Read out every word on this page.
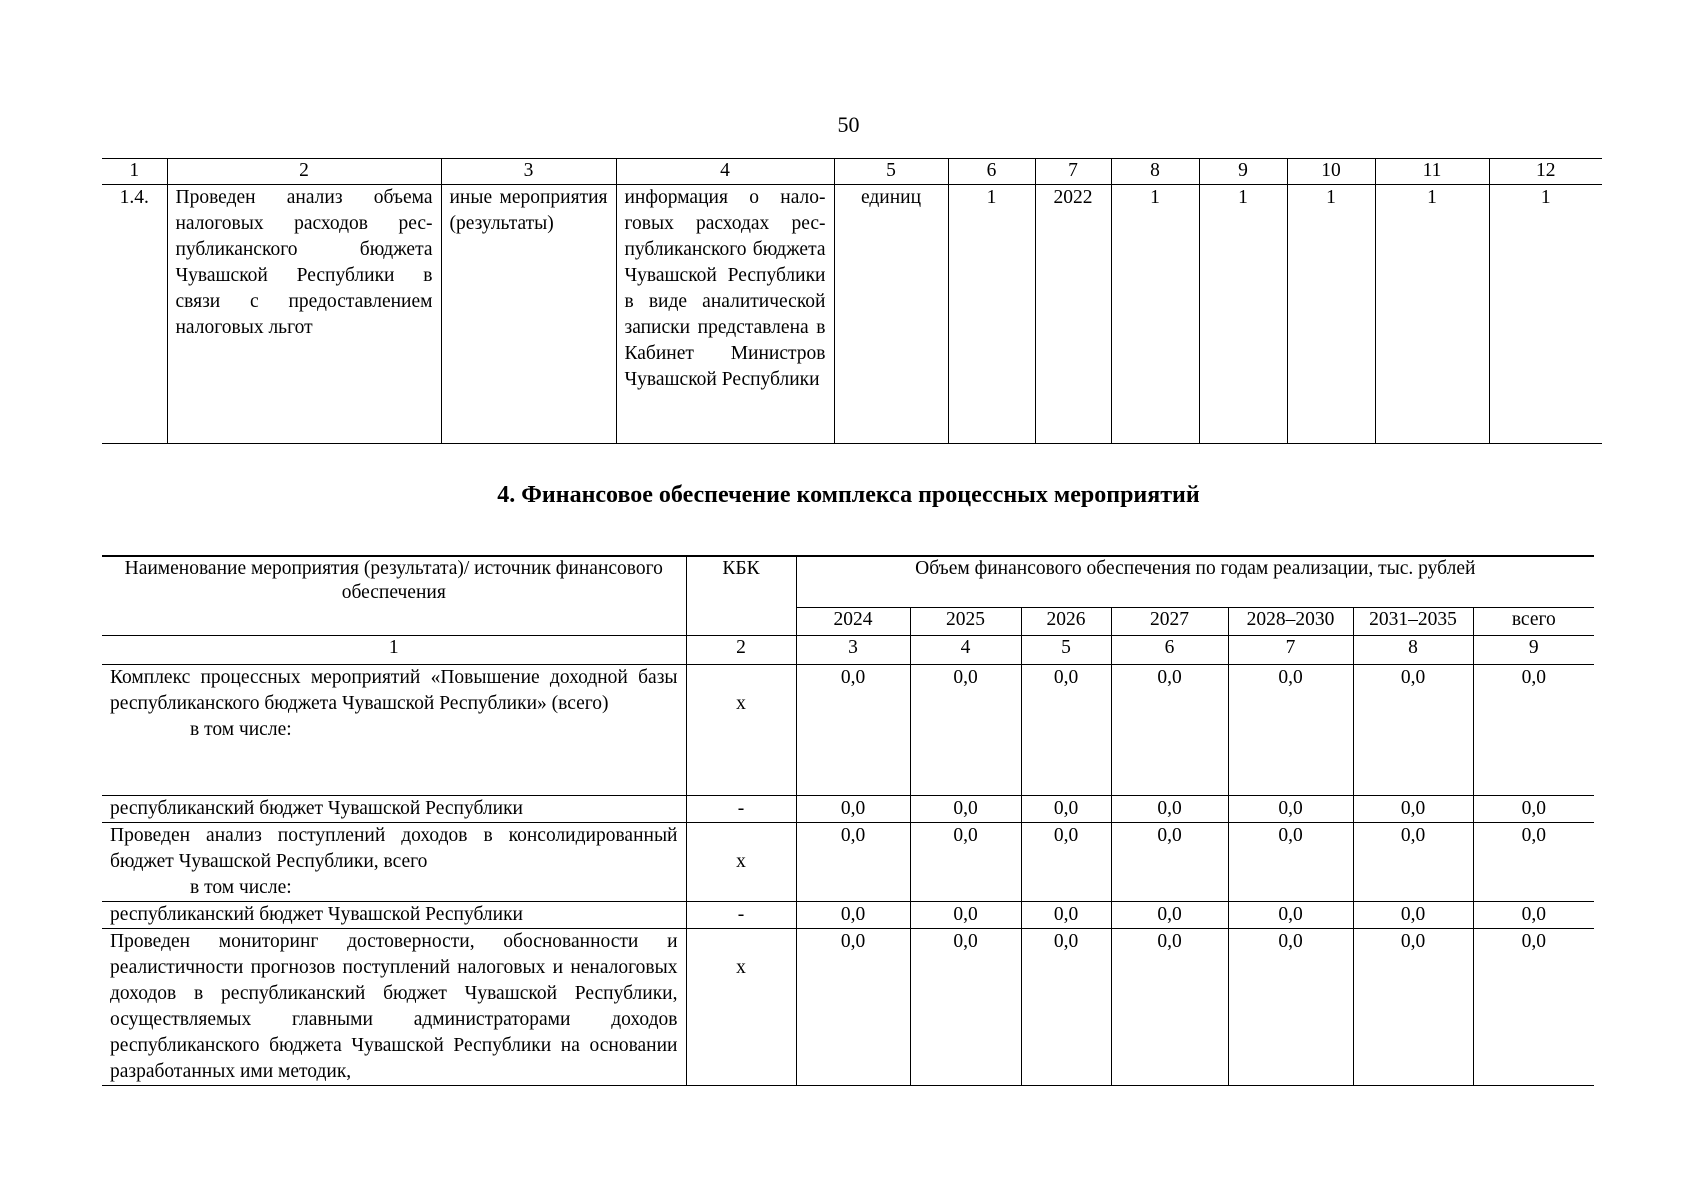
50
1	2	3	4	5	6	7	8	9	10	11	12
1.4.	Проведен анализ объема налоговых расходов республиканского бюджета Чувашской Республики в связи с предоставлением налоговых льгот	иные мероприятия (результаты)	информация о налоговых расходах республиканского бюджета Чувашской Республики в виде аналитической записки представлена в Кабинет Министров Чувашской Республики	единиц	1	2022	1	1	1	1	1
4. Финансовое обеспечение комплекса процессных мероприятий
Наименование мероприятия (результата)/ источник финансового обеспечения	КБК	Объем финансового обеспечения по годам реализации, тыс. рублей						
		2024	2025	2026	2027	2028–2030	2031–2035	всего
1	2	3	4	5	6	7	8	9
Комплекс процессных мероприятий «Повышение доходной базы республиканского бюджета Чувашской Республики» (всего)
в том числе:	х	0,0	0,0	0,0	0,0	0,0	0,0	0,0
республиканский бюджет Чувашской Республики	-	0,0	0,0	0,0	0,0	0,0	0,0	0,0
Проведен анализ поступлений доходов в консолидированный бюджет Чувашской Республики, всего
в том числе:	х	0,0	0,0	0,0	0,0	0,0	0,0	0,0
республиканский бюджет Чувашской Республики	-	0,0	0,0	0,0	0,0	0,0	0,0	0,0
Проведен мониторинг достоверности, обоснованности и реалистичности прогнозов поступлений налоговых и неналоговых доходов в республиканский бюджет Чувашской Республики, осуществляемых главными администраторами доходов республиканского бюджета Чувашской Республики на основании разработанных ими методик,	х	0,0	0,0	0,0	0,0	0,0	0,0	0,0
